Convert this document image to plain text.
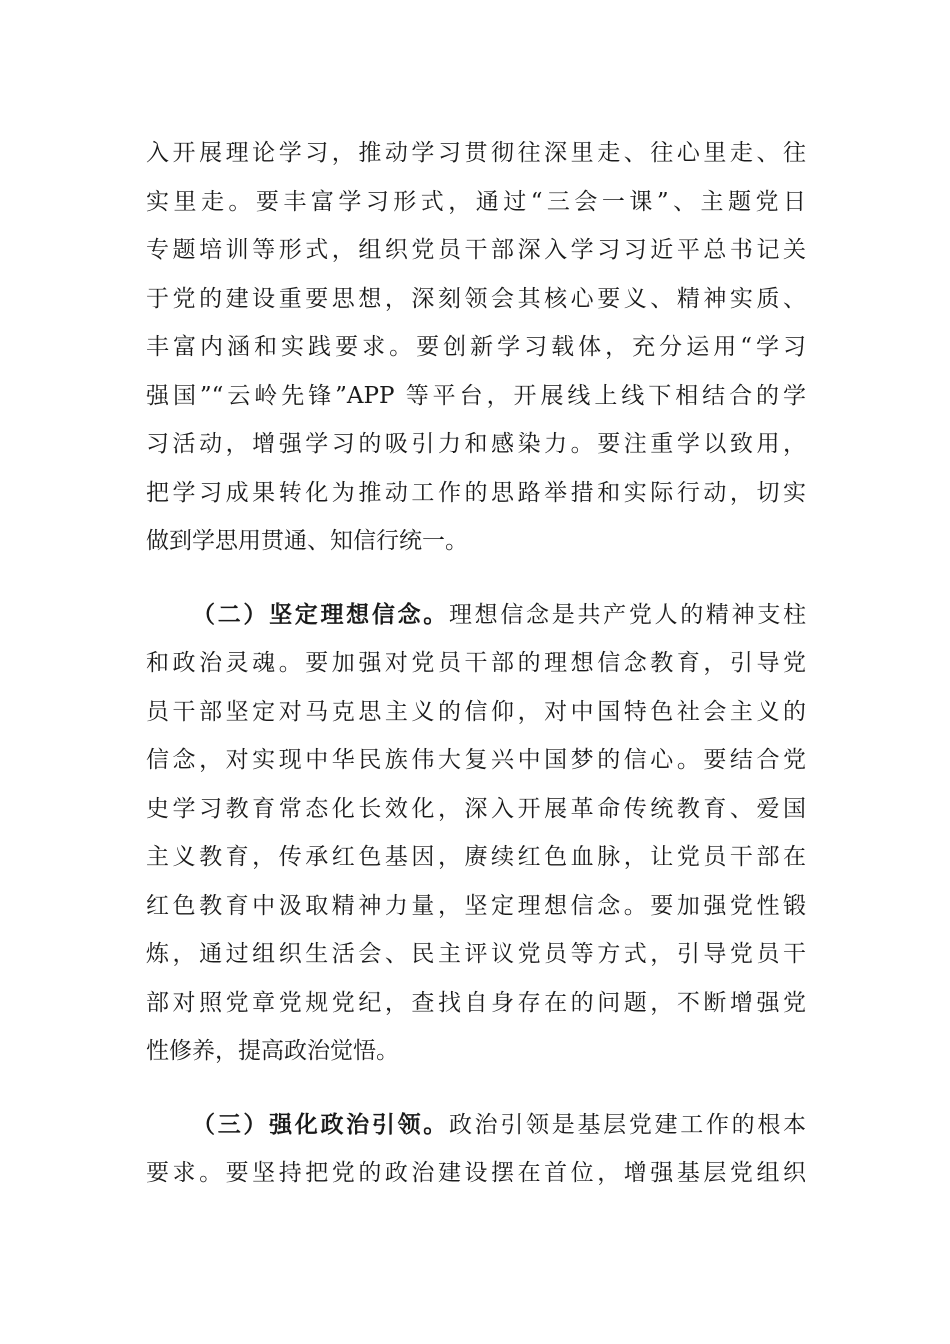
入开展理论学习，推动学习贯彻往深里走、往心里走、往
实里走。要丰富学习形式，通过“三会一课”、主题党日
专题培训等形式，组织党员干部深入学习习近平总书记关
于党的建设重要思想，深刻领会其核心要义、精神实质、
丰富内涵和实践要求。要创新学习载体，充分运用“学习
强国”“云岭先锋”APP 等平台，开展线上线下相结合的学
习活动，增强学习的吸引力和感染力。要注重学以致用，
把学习成果转化为推动工作的思路举措和实际行动，切实
做到学思用贯通、知信行统一。
（二）坚定理想信念。理想信念是共产党人的精神支柱
和政治灵魂。要加强对党员干部的理想信念教育，引导党
员干部坚定对马克思主义的信仰，对中国特色社会主义的
信念，对实现中华民族伟大复兴中国梦的信心。要结合党
史学习教育常态化长效化，深入开展革命传统教育、爱国
主义教育，传承红色基因，赓续红色血脉，让党员干部在
红色教育中汲取精神力量，坚定理想信念。要加强党性锻
炼，通过组织生活会、民主评议党员等方式，引导党员干
部对照党章党规党纪，查找自身存在的问题，不断增强党
性修养，提高政治觉悟。
（三）强化政治引领。政治引领是基层党建工作的根本
要求。要坚持把党的政治建设摆在首位，增强基层党组织
